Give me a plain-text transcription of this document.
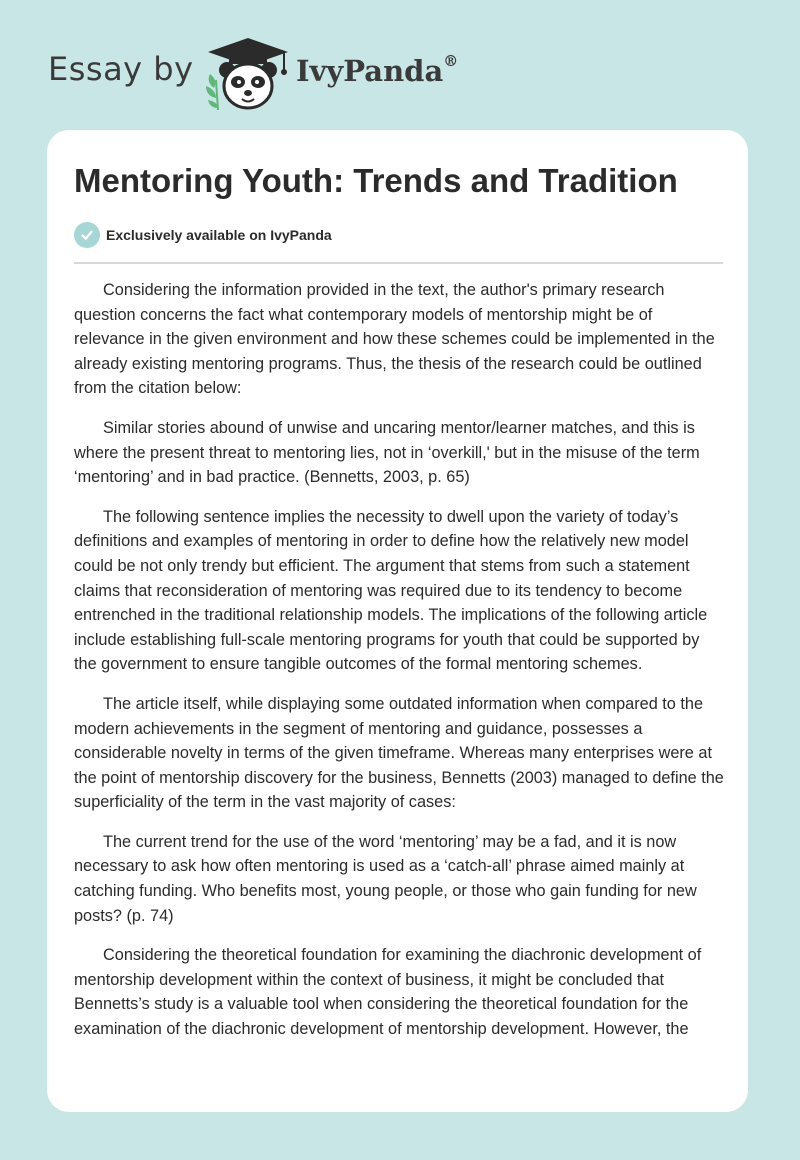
Essay by	IvyPanda®
Mentoring Youth: Trends and Tradition
Exclusively available on IvyPanda

Considering the information provided in the text, the author's primary research question concerns the fact what contemporary models of mentorship might be of relevance in the given environment and how these schemes could be implemented in the already existing mentoring programs. Thus, the thesis of the research could be outlined from the citation below:

Similar stories abound of unwise and uncaring mentor/learner matches, and this is where the present threat to mentoring lies, not in ‘overkill,' but in the misuse of the term ‘mentoring’ and in bad practice. (Bennetts, 2003, p. 65)

The following sentence implies the necessity to dwell upon the variety of today’s definitions and examples of mentoring in order to define how the relatively new model could be not only trendy but efficient. The argument that stems from such a statement claims that reconsideration of mentoring was required due to its tendency to become entrenched in the traditional relationship models. The implications of the following article include establishing full-scale mentoring programs for youth that could be supported by the government to ensure tangible outcomes of the formal mentoring schemes.

The article itself, while displaying some outdated information when compared to the modern achievements in the segment of mentoring and guidance, possesses a considerable novelty in terms of the given timeframe. Whereas many enterprises were at the point of mentorship discovery for the business, Bennetts (2003) managed to define the superficiality of the term in the vast majority of cases:

The current trend for the use of the word ‘mentoring’ may be a fad, and it is now necessary to ask how often mentoring is used as a ‘catch-all’ phrase aimed mainly at catching funding. Who benefits most, young people, or those who gain funding for new posts? (p. 74)

Considering the theoretical foundation for examining the diachronic development of mentorship development within the context of business, it might be concluded that Bennetts’s study is a valuable tool when considering the theoretical foundation for the examination of the diachronic development of mentorship development. However, the
